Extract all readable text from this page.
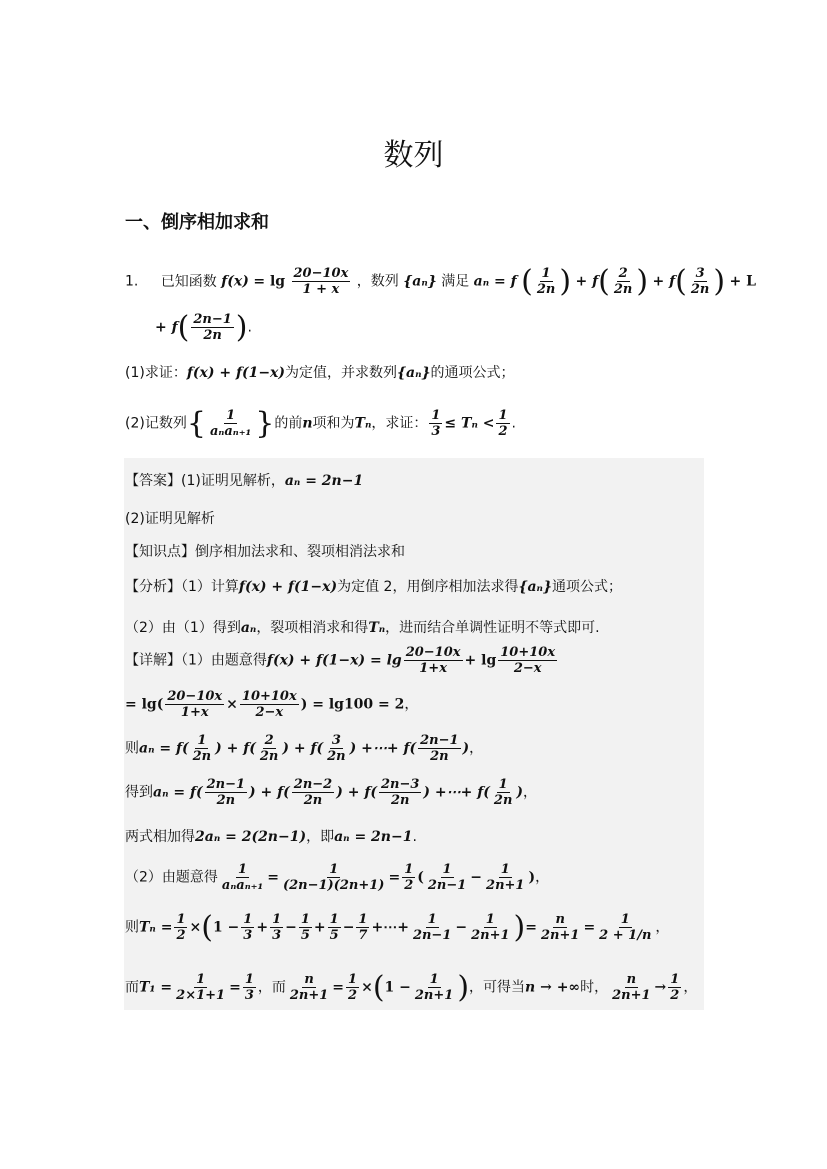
数列
一、倒序相加求和
1. 已知函数 $f(x) = \lg \frac{20-10x}{1 + x}$ ，数列 {aₙ} 满足 aₙ = f ( $\frac{1}{2n}$ ) + $f( \frac{2}{2n}$ ) + $f( \frac{3}{2n}$ ) + L
+ $f( \frac{2n-1}{2n}$ ).
(1)求证：f(x) + f(1−x)为定值，并求数列{aₙ}的通项公式；
(2)记数列{ $\frac{1}{\text{aₙaₙ₊₁}}$ }的前n项和为Tₙ，求证： $\frac{1}{3} \le T_n < \frac{1}{2}$ .
【答案】(1)证明见解析，aₙ = 2n−1
(2)证明见解析
【知识点】倒序相加法求和、裂项相消法求和
【分析】（1）计算f(x) + f(1−x)为定值 2，用倒序相加法求得{aₙ}通项公式；
（2）由（1）得到aₙ，裂项相消求和得Tₙ，进而结合单调性证明不等式即可.
【详解】（1）由题意得$f(x) + f(1-x) = \lg \frac{20-10x}{1+x} + \lg \frac{10+10x}{2-x}$
= $\lg( \frac{20-10x}{1+x} \times \frac{10+10x}{2-x}$ ) = lg100 = 2，
则$a_n = f( \frac{1}{2n}$ ) + $f( \frac{2}{2n}$ ) + $f( \frac{3}{2n}$ ) +⋯+ $f( \frac{2n-1}{2n}$ )，
得到$a_n = f( \frac{2n-1}{2n}$ ) + $f( \frac{2n-2}{2n}$ ) + $f( \frac{2n-3}{2n}$ ) +⋯+ $f( \frac{1}{2n}$ )，
两式相加得2aₙ = 2(2n−1)，即aₙ = 2n−1.
（2）由题意得 $\frac{1}{\text{aₙaₙ₊₁}} = \frac{1}{(2n-1)(2n+1)} = \frac{1}{2}$ ( $\frac{1}{2n-1} - \frac{1}{2n+1}$ )，
则$T_n = \frac{1}{2} \times(1 - \frac{1}{3} + \frac{1}{3} - \frac{1}{5} + \frac{1}{5} - \frac{1}{7}$ +⋯+ $\frac{1}{2n-1} - \frac{1}{2n+1}$ )= $\frac{n}{2n+1} = \frac{1}{2 + 1/n}$ ，
而$T_1 = \frac{1}{2\times 1+1} = \frac{1}{3}$ ，而 $\frac{n}{2n+1} = \frac{1}{2} \times(1 - \frac{1}{2n+1}$ )，可得当n → +∞时， $\frac{n}{2n+1} \to \frac{1}{2}$ ，
